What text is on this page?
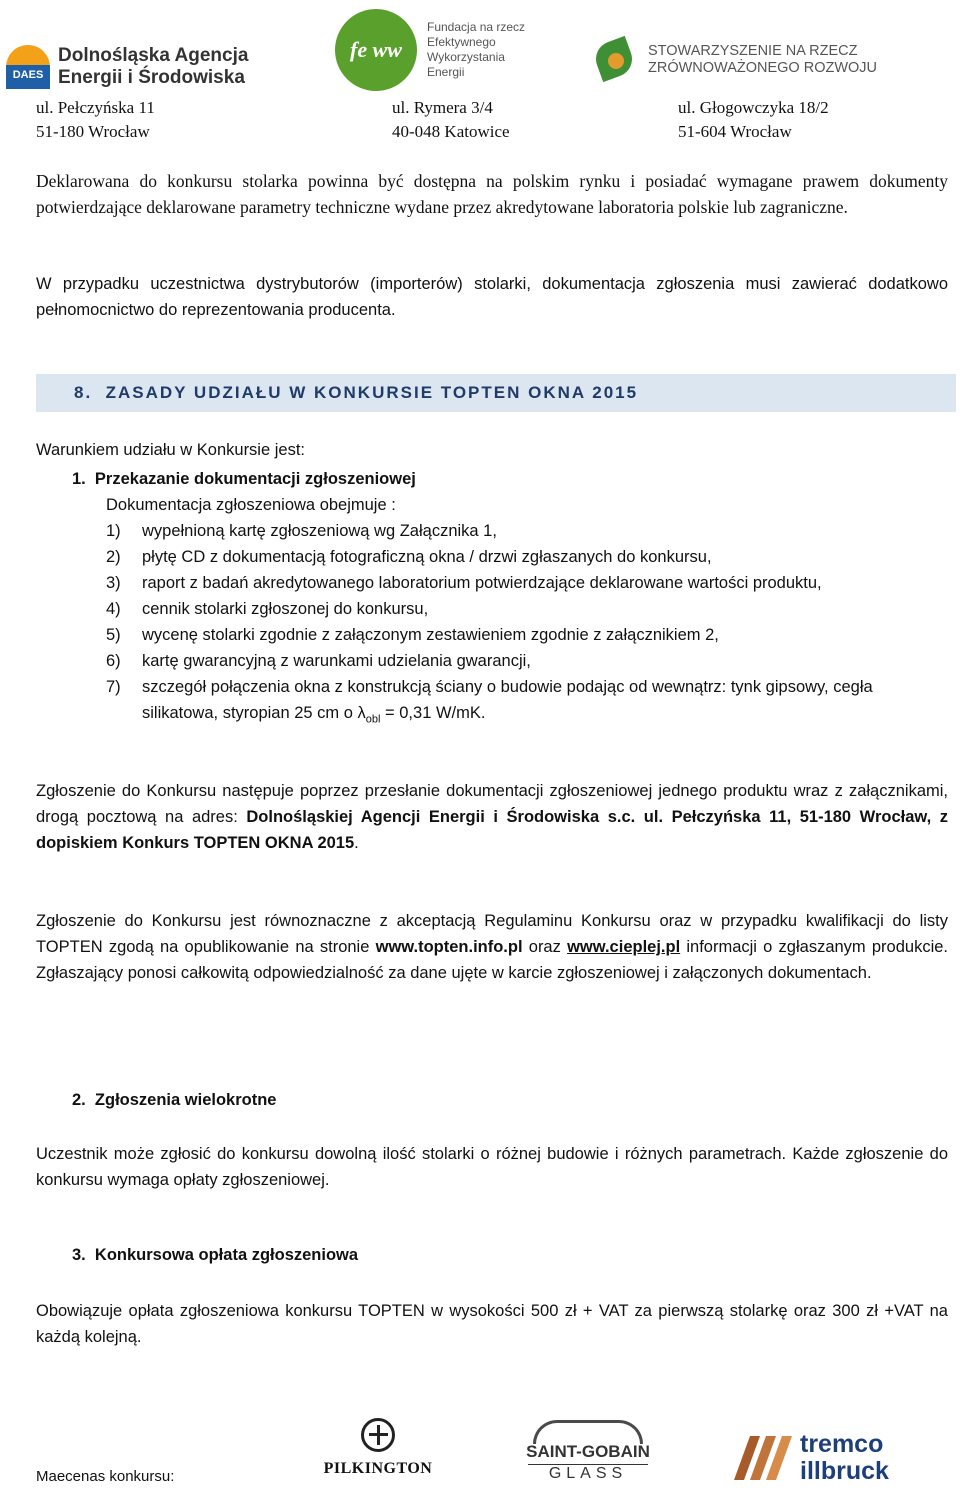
DAES
Dolnośląska Agencja
Energii i Środowiska
fe ww
Fundacja na rzecz
Efektywnego
Wykorzystania
Energii
STOWARZYSZENIE NA RZECZ
ZRÓWNOWAŻONEGO ROZWOJU
ul. Pełczyńska 11
51-180 Wrocław
ul. Rymera 3/4
40-048 Katowice
ul. Głogowczyka 18/2
51-604 Wrocław

Deklarowana do konkursu stolarka powinna być dostępna na polskim rynku i posiadać wymagane prawem dokumenty potwierdzające deklarowane parametry techniczne wydane przez akredytowane laboratoria polskie lub zagraniczne.

W przypadku uczestnictwa dystrybutorów (importerów) stolarki, dokumentacja zgłoszenia musi zawierać dodatkowo pełnomocnictwo do reprezentowania producenta.

8.  ZASADY UDZIAŁU W KONKURSIE TOPTEN OKNA 2015
Warunkiem udziału w Konkursie jest:
1.  Przekazanie dokumentacji zgłoszeniowej
Dokumentacja zgłoszeniowa obejmuje :
1)	wypełnioną kartę zgłoszeniową wg Załącznika 1,
2)	płytę CD z dokumentacją fotograficzną okna / drzwi zgłaszanych do konkursu,
3)	raport z badań akredytowanego laboratorium potwierdzające deklarowane wartości produktu,
4)	cennik stolarki zgłoszonej do konkursu,
5)	wycenę stolarki zgodnie z załączonym zestawieniem zgodnie z załącznikiem 2,
6)	kartę gwarancyjną z warunkami udzielania gwarancji,
7)	szczegół połączenia okna z konstrukcją ściany o budowie podając od wewnątrz: tynk gipsowy, cegła silikatowa, styropian 25 cm o $\lambda_{obl} = 0,31$ W/mK.

Zgłoszenie do Konkursu następuje poprzez przesłanie dokumentacji zgłoszeniowej jednego produktu wraz z załącznikami, drogą pocztową na adres: Dolnośląskiej Agencji Energii i Środowiska s.c. ul. Pełczyńska 11, 51-180 Wrocław, z dopiskiem Konkurs TOPTEN OKNA 2015.

Zgłoszenie do Konkursu jest równoznaczne z akceptacją Regulaminu Konkursu oraz w przypadku kwalifikacji do listy TOPTEN zgodą na opublikowanie na stronie www.topten.info.pl oraz www.cieplej.pl informacji o zgłaszanym produkcie. Zgłaszający ponosi całkowitą odpowiedzialność za dane ujęte w karcie zgłoszeniowej i załączonych dokumentach.

2.  Zgłoszenia wielokrotne

Uczestnik może zgłosić do konkursu dowolną ilość stolarki o różnej budowie i różnych parametrach. Każde zgłoszenie do konkursu wymaga opłaty zgłoszeniowej.

3.  Konkursowa opłata zgłoszeniowa

Obowiązuje opłata zgłoszeniowa konkursu TOPTEN w wysokości 500 zł + VAT za pierwszą stolarkę oraz 300 zł +VAT na każdą kolejną.

Maecenas konkursu:	PILKINGTON
SAINT-GOBAIN
GLASS
tremco
illbruck
